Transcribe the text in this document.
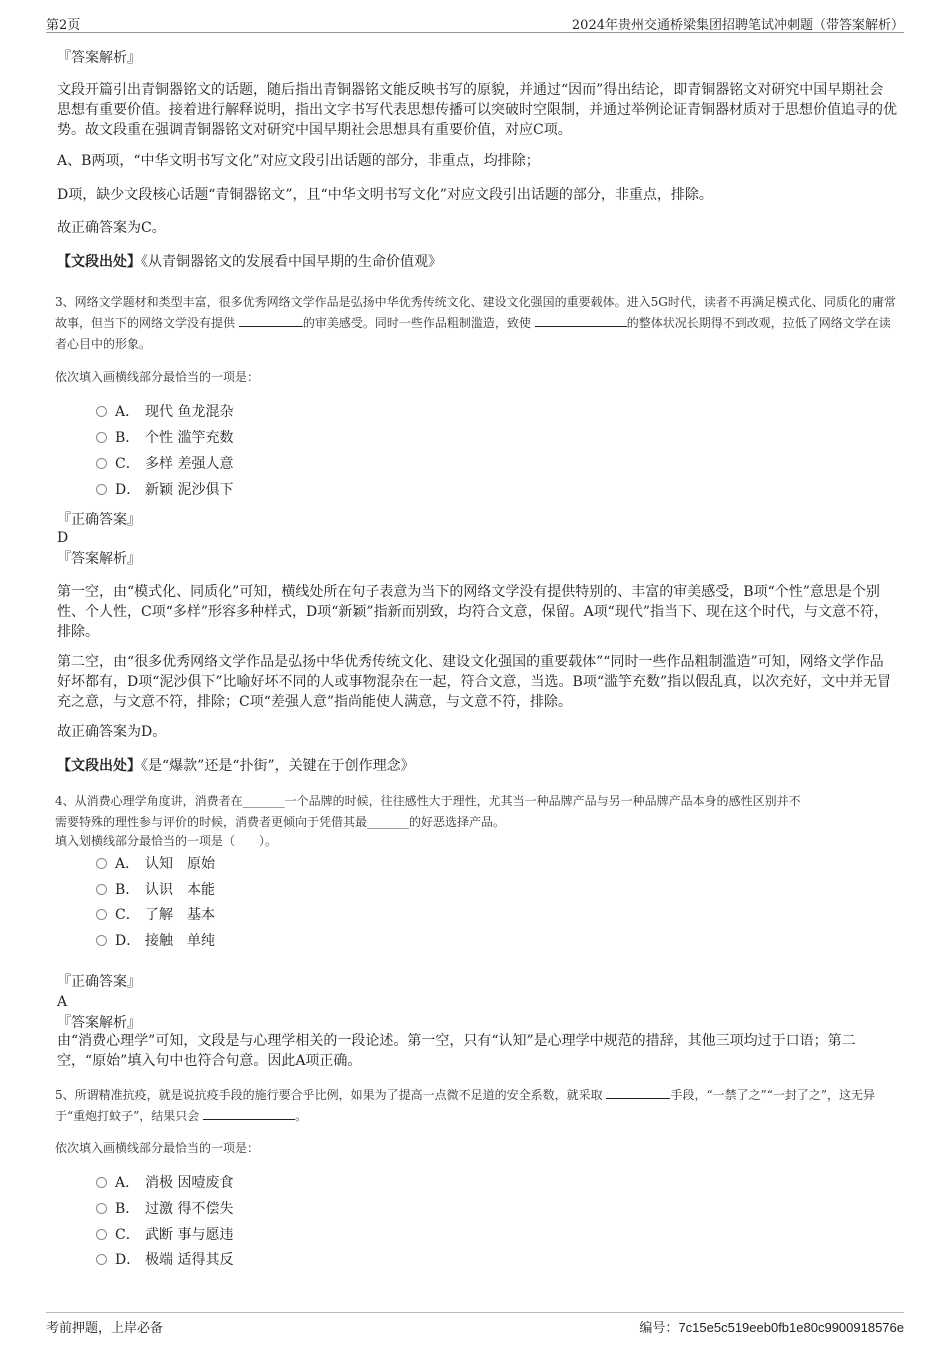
第2页	2024年贵州交通桥梁集团招聘笔试冲刺题（带答案解析）

『答案解析』

文段开篇引出青铜器铭文的话题，随后指出青铜器铭文能反映书写的原貌，并通过“因而”得出结论，即青铜器铭文对研究中国早期社会思想有重要价值。接着进行解释说明，指出文字书写代表思想传播可以突破时空限制，并通过举例论证青铜器材质对于思想价值追寻的优势。故文段重在强调青铜器铭文对研究中国早期社会思想具有重要价值，对应C项。

A、B两项，“中华文明书写文化”对应文段引出话题的部分，非重点，均排除；

D项，缺少文段核心话题“青铜器铭文”，且“中华文明书写文化”对应文段引出话题的部分，非重点，排除。

故正确答案为C。

【文段出处】《从青铜器铭文的发展看中国早期的生命价值观》

3、网络文学题材和类型丰富，很多优秀网络文学作品是弘扬中华优秀传统文化、建设文化强国的重要载体。进入5G时代，读者不再满足模式化、同质化的庸常故事，但当下的网络文学没有提供	的审美感受。同时一些作品粗制滥造，致使	的整体状况长期得不到改观，拉低了网络文学在读者心目中的形象。

依次填入画横线部分最恰当的一项是：

A． 现代 鱼龙混杂
B． 个性 滥竽充数
C． 多样 差强人意
D． 新颖 泥沙俱下

『正确答案』

D

『答案解析』

第一空，由“模式化、同质化”可知，横线处所在句子表意为当下的网络文学没有提供特别的、丰富的审美感受，B项“个性”意思是个别性、个人性，C项“多样”形容多种样式，D项“新颖”指新而别致，均符合文意，保留。A项“现代”指当下、现在这个时代，与文意不符，排除。

第二空，由“很多优秀网络文学作品是弘扬中华优秀传统文化、建设文化强国的重要载体”“同时一些作品粗制滥造”可知，网络文学作品好坏都有，D项“泥沙俱下”比喻好坏不同的人或事物混杂在一起，符合文意，当选。B项“滥竽充数”指以假乱真，以次充好，文中并无冒充之意，与文意不符，排除；C项“差强人意”指尚能使人满意，与文意不符，排除。

故正确答案为D。

【文段出处】《是“爆款”还是“扑街”，关键在于创作理念》

4、从消费心理学角度讲，消费者在_______一个品牌的时候，往往感性大于理性，尤其当一种品牌产品与另一种品牌产品本身的感性区别并不

需要特殊的理性参与评价的时候，消费者更倾向于凭借其最_______的好恶选择产品。

填入划横线部分最恰当的一项是（　　）。

A． 认知　原始
B． 认识　本能
C． 了解　基本
D． 接触　单纯

『正确答案』

A

『答案解析』

由“消费心理学”可知，文段是与心理学相关的一段论述。第一空，只有“认知”是心理学中规范的措辞，其他三项均过于口语；第二空，“原始”填入句中也符合句意。因此A项正确。

5、所谓精准抗疫，就是说抗疫手段的施行要合乎比例，如果为了提高一点微不足道的安全系数，就采取	手段，“一禁了之”“一封了之”，这无异于“重炮打蚊子”，结果只会	。

依次填入画横线部分最恰当的一项是：

A． 消极 因噎废食
B． 过激 得不偿失
C． 武断 事与愿违
D． 极端 适得其反
考前押题，上岸必备	编号：7c15e5c519eeb0fb1e80c9900918576e
